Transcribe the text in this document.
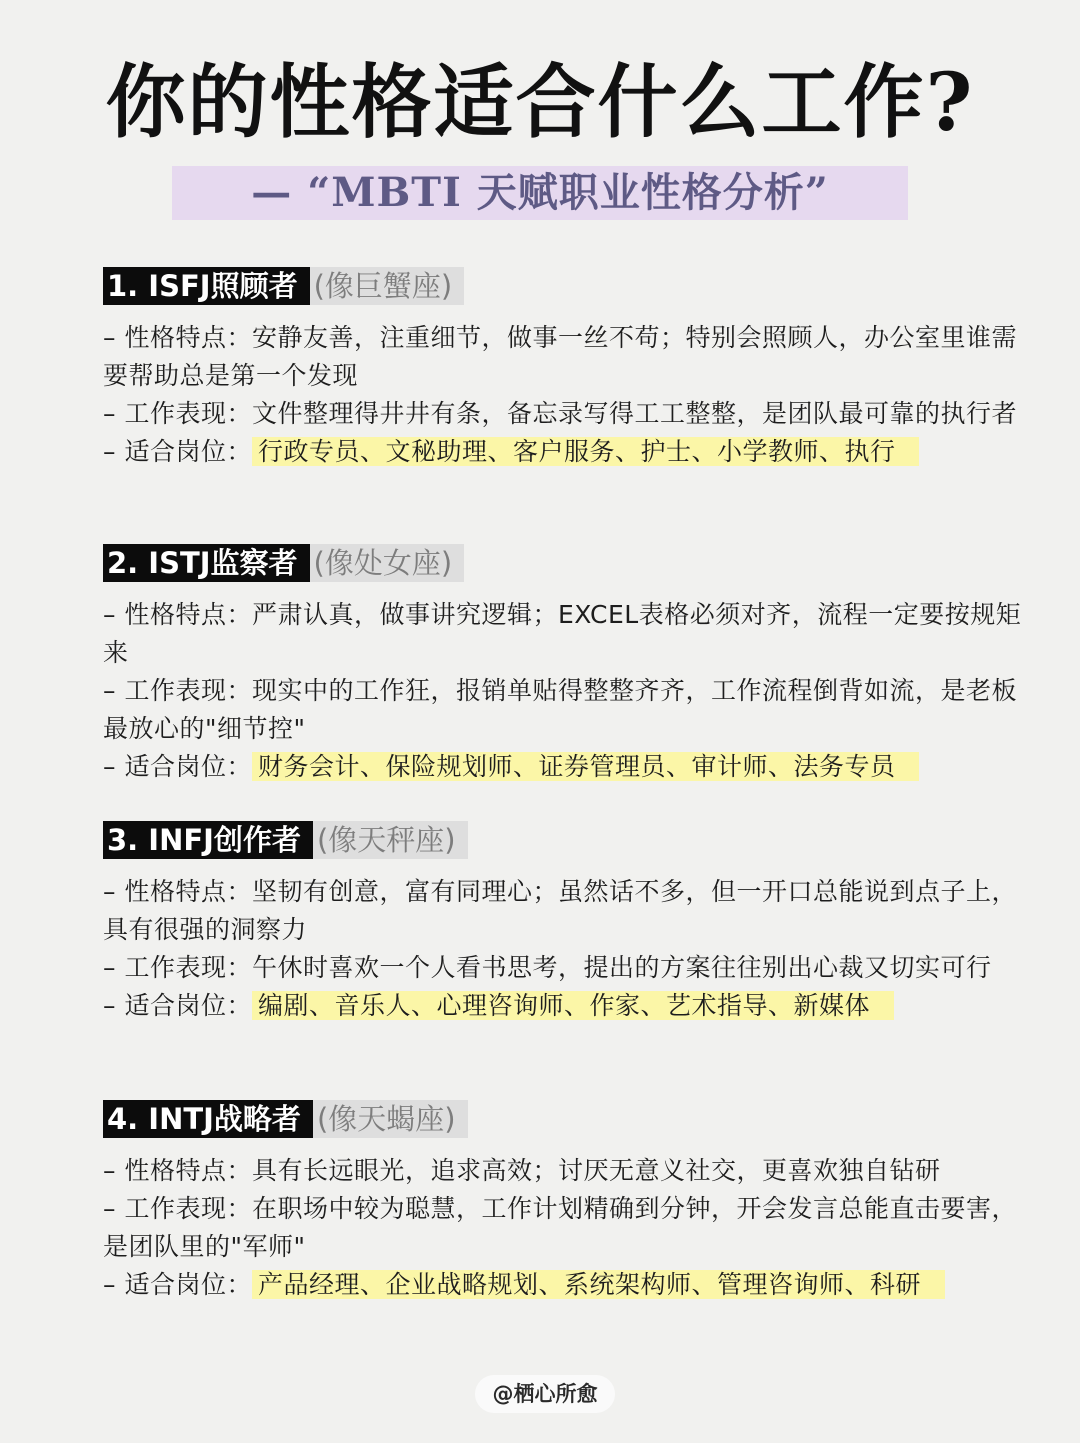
你的性格适合什么工作?
— “MBTI 天赋职业性格分析”
1. ISFJ照顾者 (像巨蟹座)

– 性格特点：安静友善，注重细节，做事一丝不苟；特别会照顾人，办公室里谁需要帮助总是第一个发现

– 工作表现：文件整理得井井有条，备忘录写得工工整整，是团队最可靠的执行者

– 适合岗位： 行政专员、文秘助理、客户服务、护士、小学教师、执行

2. ISTJ监察者 (像处女座)

– 性格特点：严肃认真，做事讲究逻辑；EXCEL表格必须对齐，流程一定要按规矩来

– 工作表现：现实中的工作狂，报销单贴得整整齐齐，工作流程倒背如流，是老板最放心的"细节控"

– 适合岗位： 财务会计、保险规划师、证券管理员、审计师、法务专员

3. INFJ创作者 (像天秤座)

– 性格特点：坚韧有创意，富有同理心；虽然话不多，但一开口总能说到点子上，具有很强的洞察力

– 工作表现：午休时喜欢一个人看书思考，提出的方案往往别出心裁又切实可行

– 适合岗位： 编剧、音乐人、心理咨询师、作家、艺术指导、新媒体

4. INTJ战略者 (像天蝎座)

– 性格特点：具有长远眼光，追求高效；讨厌无意义社交，更喜欢独自钻研

– 工作表现：在职场中较为聪慧，工作计划精确到分钟，开会发言总能直击要害，是团队里的"军师"

– 适合岗位： 产品经理、企业战略规划、系统架构师、管理咨询师、科研

@栖心所愈
